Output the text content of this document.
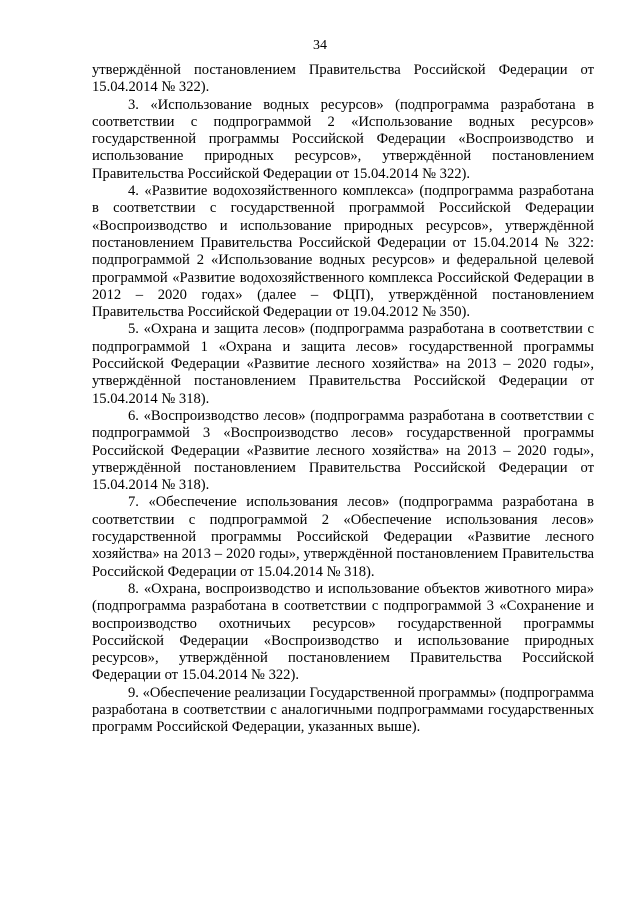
34

утверждённой постановлением Правительства Российской Федерации от 15.04.2014 № 322).

3. «Использование водных ресурсов» (подпрограмма разработана в соответствии с подпрограммой 2 «Использование водных ресурсов» государственной программы Российской Федерации «Воспроизводство и использование природных ресурсов», утверждённой постановлением Правительства Российской Федерации от 15.04.2014 № 322).

4. «Развитие водохозяйственного комплекса» (подпрограмма разработана в соответствии с государственной программой Российской Федерации «Воспроизводство и использование природных ресурсов», утверждённой постановлением Правительства Российской Федерации от 15.04.2014 № 322: подпрограммой 2 «Использование водных ресурсов» и федеральной целевой программой «Развитие водохозяйственного комплекса Российской Федерации в 2012 – 2020 годах» (далее – ФЦП), утверждённой постановлением Правительства Российской Федерации от 19.04.2012 № 350).

5. «Охрана и защита лесов» (подпрограмма разработана в соответствии с подпрограммой 1 «Охрана и защита лесов» государственной программы Российской Федерации «Развитие лесного хозяйства» на 2013 – 2020 годы», утверждённой постановлением Правительства Российской Федерации от 15.04.2014 № 318).

6. «Воспроизводство лесов» (подпрограмма разработана в соответствии с подпрограммой 3 «Воспроизводство лесов» государственной программы Российской Федерации «Развитие лесного хозяйства» на 2013 – 2020 годы», утверждённой постановлением Правительства Российской Федерации от 15.04.2014 № 318).

7. «Обеспечение использования лесов» (подпрограмма разработана в соответствии с подпрограммой 2 «Обеспечение использования лесов» государственной программы Российской Федерации «Развитие лесного хозяйства» на 2013 – 2020 годы», утверждённой постановлением Правительства Российской Федерации от 15.04.2014 № 318).

8. «Охрана, воспроизводство и использование объектов животного мира» (подпрограмма разработана в соответствии с подпрограммой 3 «Сохранение и воспроизводство охотничьих ресурсов» государственной программы Российской Федерации «Воспроизводство и использование природных ресурсов», утверждённой постановлением Правительства Российской Федерации от 15.04.2014 № 322).

9. «Обеспечение реализации Государственной программы» (подпрограмма разработана в соответствии с аналогичными подпрограммами государственных программ Российской Федерации, указанных выше).
